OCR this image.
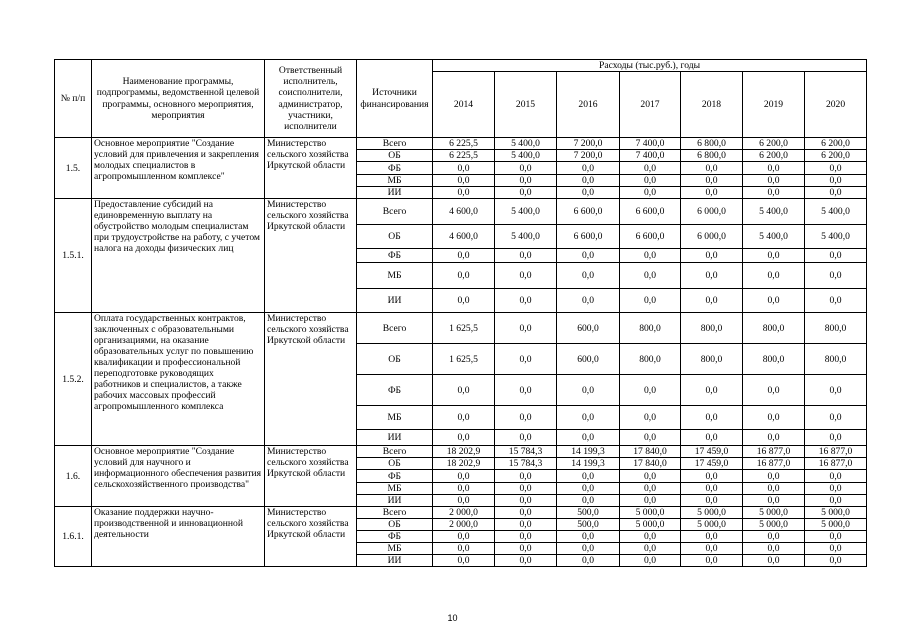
№ п/п	Наименование программы, подпрограммы, ведомственной целевой программы, основного мероприятия, мероприятия	Ответственный исполнитель, соисполнители, администратор, участники, исполнители	Источники финансирования	Расходы (тыс.руб.), годы						
				2014	2015	2016	2017	2018	2019	2020
1.5.	Основное мероприятие "Создание условий для привлечения и закрепления молодых специалистов в агропромышленном комплексе"	Министерство сельского хозяйства Иркутской области	Всего	6 225,5	5 400,0	7 200,0	7 400,0	6 800,0	6 200,0	6 200,0
			ОБ	6 225,5	5 400,0	7 200,0	7 400,0	6 800,0	6 200,0	6 200,0
			ФБ	0,0	0,0	0,0	0,0	0,0	0,0	0,0
			МБ	0,0	0,0	0,0	0,0	0,0	0,0	0,0
			ИИ	0,0	0,0	0,0	0,0	0,0	0,0	0,0
1.5.1.	Предоставление субсидий на единовременную выплату на обустройство молодым специалистам при трудоустройстве на работу, с учетом налога на доходы физических лиц	Министерство сельского хозяйства Иркутской области	Всего	4 600,0	5 400,0	6 600,0	6 600,0	6 000,0	5 400,0	5 400,0
			ОБ	4 600,0	5 400,0	6 600,0	6 600,0	6 000,0	5 400,0	5 400,0
			ФБ	0,0	0,0	0,0	0,0	0,0	0,0	0,0
			МБ	0,0	0,0	0,0	0,0	0,0	0,0	0,0
			ИИ	0,0	0,0	0,0	0,0	0,0	0,0	0,0
1.5.2.	Оплата государственных контрактов, заключенных с образовательными организациями, на оказание образовательных услуг по повышению квалификации и профессиональной переподготовке руководящих работников и специалистов, а также рабочих массовых профессий агропромышленного комплекса	Министерство сельского хозяйства Иркутской области	Всего	1 625,5	0,0	600,0	800,0	800,0	800,0	800,0
			ОБ	1 625,5	0,0	600,0	800,0	800,0	800,0	800,0
			ФБ	0,0	0,0	0,0	0,0	0,0	0,0	0,0
			МБ	0,0	0,0	0,0	0,0	0,0	0,0	0,0
			ИИ	0,0	0,0	0,0	0,0	0,0	0,0	0,0
1.6.	Основное мероприятие "Создание условий для научного и информационного обеспечения развития сельскохозяйственного производства"	Министерство сельского хозяйства Иркутской области	Всего	18 202,9	15 784,3	14 199,3	17 840,0	17 459,0	16 877,0	16 877,0
			ОБ	18 202,9	15 784,3	14 199,3	17 840,0	17 459,0	16 877,0	16 877,0
			ФБ	0,0	0,0	0,0	0,0	0,0	0,0	0,0
			МБ	0,0	0,0	0,0	0,0	0,0	0,0	0,0
			ИИ	0,0	0,0	0,0	0,0	0,0	0,0	0,0
1.6.1.	Оказание поддержки научно-производственной и инновационной деятельности	Министерство сельского хозяйства Иркутской области	Всего	2 000,0	0,0	500,0	5 000,0	5 000,0	5 000,0	5 000,0
			ОБ	2 000,0	0,0	500,0	5 000,0	5 000,0	5 000,0	5 000,0
			ФБ	0,0	0,0	0,0	0,0	0,0	0,0	0,0
			МБ	0,0	0,0	0,0	0,0	0,0	0,0	0,0
			ИИ	0,0	0,0	0,0	0,0	0,0	0,0	0,0
10
